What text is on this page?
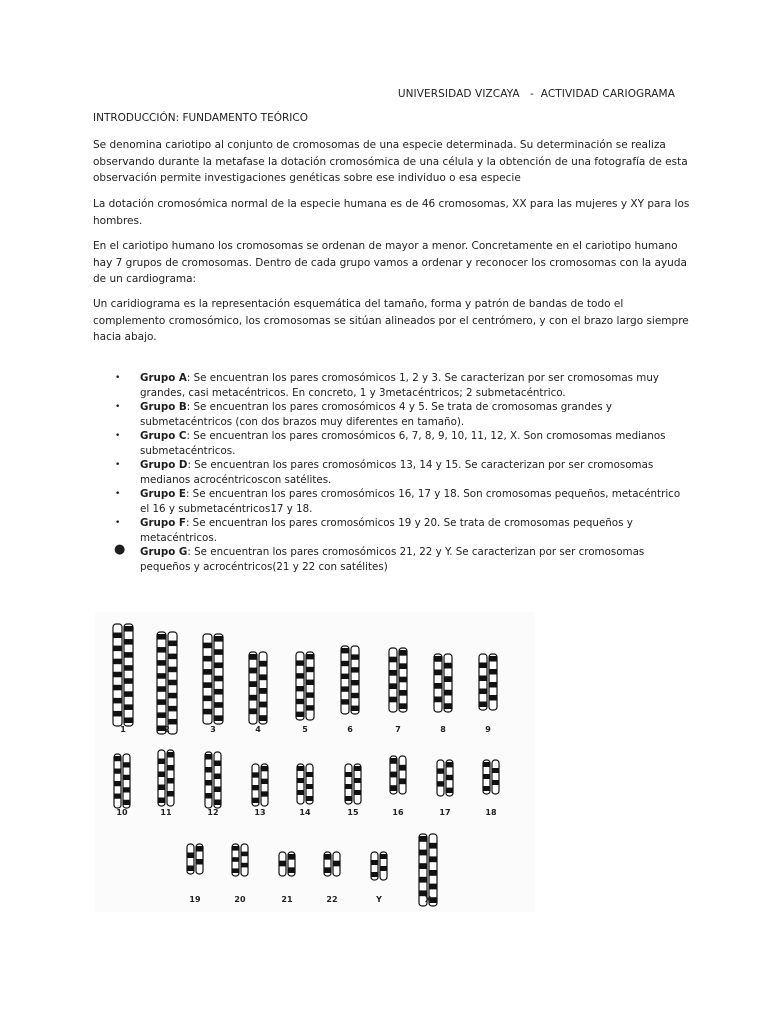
UNIVERSIDAD VIZCAYA   -  ACTIVIDAD CARIOGRAMA
INTRODUCCIÓN: FUNDAMENTO TEÓRICO
Se denomina cariotipo al conjunto de cromosomas de una especie determinada. Su determinación se realiza observando durante la metafase la dotación cromosómica de una célula y la obtención de una fotografía de esta observación permite investigaciones genéticas sobre ese individuo o esa especie
La dotación cromosómica normal de la especie humana es de 46 cromosomas, XX para las mujeres y XY para los hombres.
En el cariotipo humano los cromosomas se ordenan de mayor a menor. Concretamente en el cariotipo humano hay 7 grupos de cromosomas. Dentro de cada grupo vamos a ordenar y reconocer los cromosomas con la ayuda de un cardiograma:
Un caridiograma es la representación esquemática del tamaño, forma y patrón de bandas de todo el complemento cromosómico, los cromosomas se sitúan alineados por el centrómero, y con el brazo largo siempre hacia abajo.
• Grupo A: Se encuentran los pares cromosómicos 1, 2 y 3. Se caracterizan por ser cromosomas muy grandes, casi metacéntricos. En concreto, 1 y 3metacéntricos; 2 submetacéntrico.
• Grupo B: Se encuentran los pares cromosómicos 4 y 5. Se trata de cromosomas grandes y submetacéntricos (con dos brazos muy diferentes en tamaño).
• Grupo C: Se encuentran los pares cromosómicos 6, 7, 8, 9, 10, 11, 12, X. Son cromosomas medianos submetacéntricos.
• Grupo D: Se encuentran los pares cromosómicos 13, 14 y 15. Se caracterizan por ser cromosomas medianos acrocéntricoscon satélites.
• Grupo E: Se encuentran los pares cromosómicos 16, 17 y 18. Son cromosomas pequeños, metacéntrico el 16 y submetacéntricos17 y 18.
• Grupo F: Se encuentran los pares cromosómicos 19 y 20. Se trata de cromosomas pequeños y metacéntricos.
● Grupo G: Se encuentran los pares cromosómicos 21, 22 y Y. Se caracterizan por ser cromosomas pequeños y acrocéntricos(21 y 22 con satélites)
1	2	3	4	5	6	7	8	9
10	11	12	13	14	15	16	17	18
19	20	21	22	Y	X
